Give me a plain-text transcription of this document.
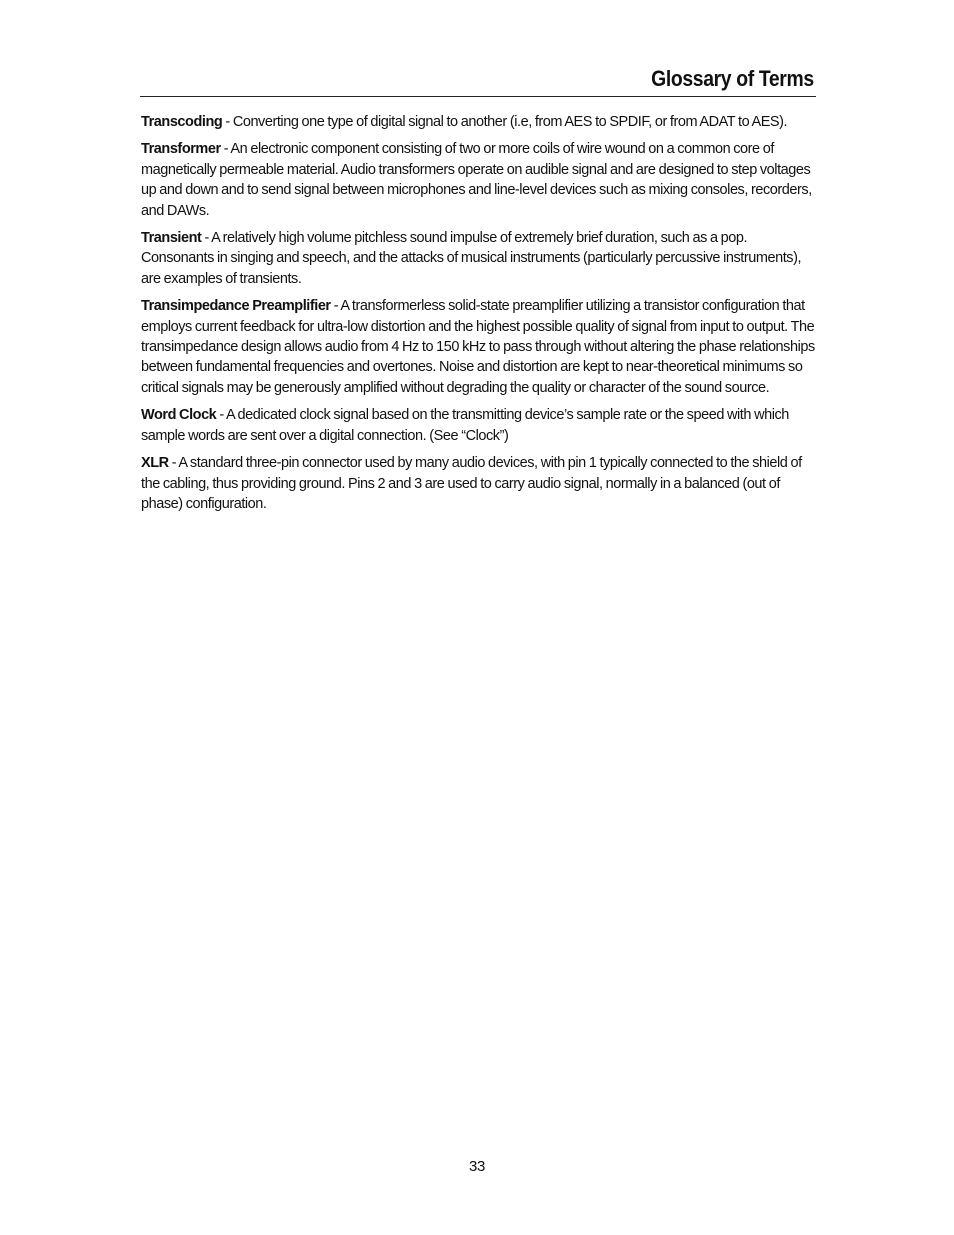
Glossary of Terms

Transcoding - Converting one type of digital signal to another (i.e, from AES to SPDIF, or from ADAT to AES).

Transformer - An electronic component consisting of two or more coils of wire wound on a common core of magnetically permeable material. Audio transformers operate on audible signal and are designed to step voltages up and down and to send signal between microphones and line-level devices such as mixing consoles, recorders, and DAWs.

Transient - A relatively high volume pitchless sound impulse of extremely brief duration, such as a pop. Consonants in singing and speech, and the attacks of musical instruments (particularly percussive instruments), are examples of transients.

Transimpedance Preamplifier - A transformerless solid-state preamplifier utilizing a transistor configuration that employs current feedback for ultra-low distortion and the highest possible quality of signal from input to output. The transimpedance design allows audio from 4 Hz to 150 kHz to pass through without altering the phase relationships between fundamental frequencies and overtones. Noise and distortion are kept to near-theoretical minimums so critical signals may be generously amplified without degrading the quality or character of the sound source.

Word Clock - A dedicated clock signal based on the transmitting device’s sample rate or the speed with which sample words are sent over a digital connection. (See “Clock”)

XLR - A standard three-pin connector used by many audio devices, with pin 1 typically connected to the shield of the cabling, thus providing ground. Pins 2 and 3 are used to carry audio signal, normally in a balanced (out of phase) configuration.

33
